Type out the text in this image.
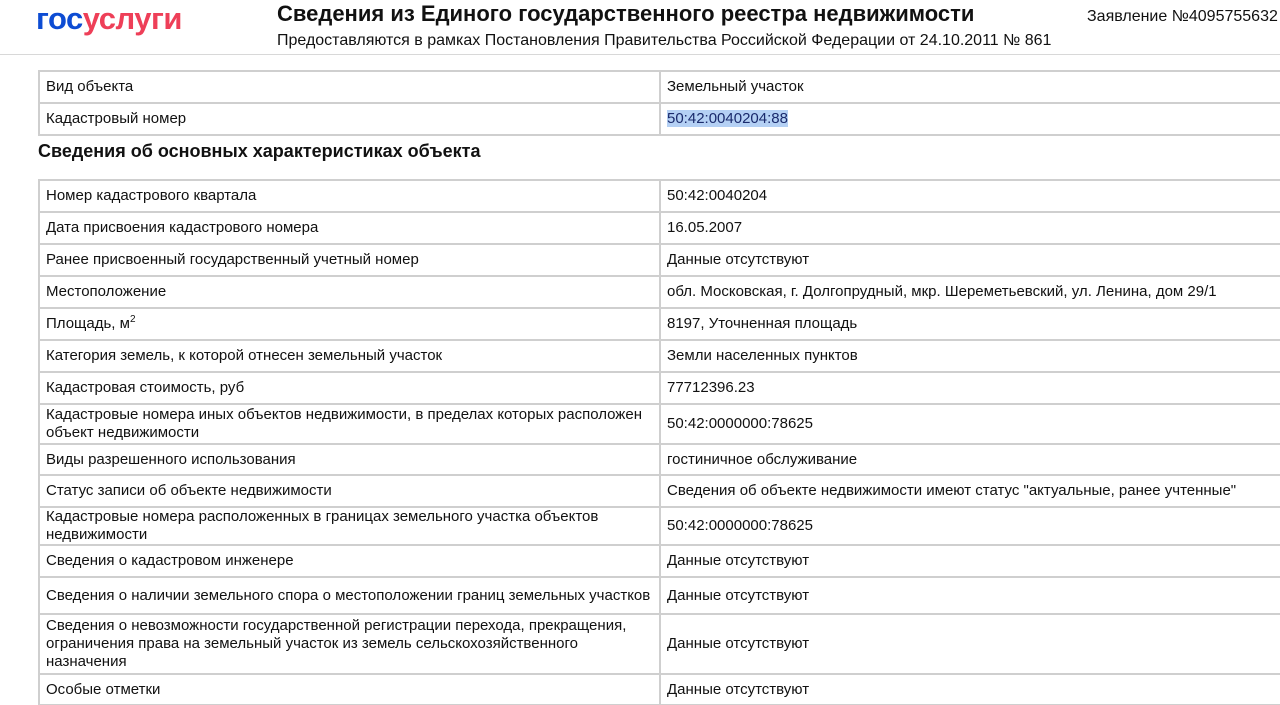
госуслуги	Сведения из Единого государственного реестра недвижимости
Предоставляются в рамках Постановления Правительства Российской Федерации от 24.10.2011 № 861
Заявление №4095755632
Вид объекта	Земельный участок
Кадастровый номер	50:42:0040204:88
Сведения об основных характеристиках объекта
Номер кадастрового квартала	50:42:0040204
Дата присвоения кадастрового номера	16.05.2007
Ранее присвоенный государственный учетный номер	Данные отсутствуют
Местоположение	обл. Московская, г. Долгопрудный, мкр. Шереметьевский, ул. Ленина, дом 29/1
Площадь, $м^2$	8197, Уточненная площадь
Категория земель, к которой отнесен земельный участок	Земли населенных пунктов
Кадастровая стоимость, руб	77712396.23
Кадастровые номера иных объектов недвижимости, в пределах которых расположен объект недвижимости	50:42:0000000:78625
Виды разрешенного использования	гостиничное обслуживание
Статус записи об объекте недвижимости	Сведения об объекте недвижимости имеют статус "актуальные, ранее учтенные"
Кадастровые номера расположенных в границах земельного участка объектов недвижимости	50:42:0000000:78625
Сведения о кадастровом инженере	Данные отсутствуют
Сведения о наличии земельного спора о местоположении границ земельных участков	Данные отсутствуют
Сведения о невозможности государственной регистрации перехода, прекращения, ограничения права на земельный участок из земель сельскохозяйственного назначения	Данные отсутствуют
Особые отметки	Данные отсутствуют
